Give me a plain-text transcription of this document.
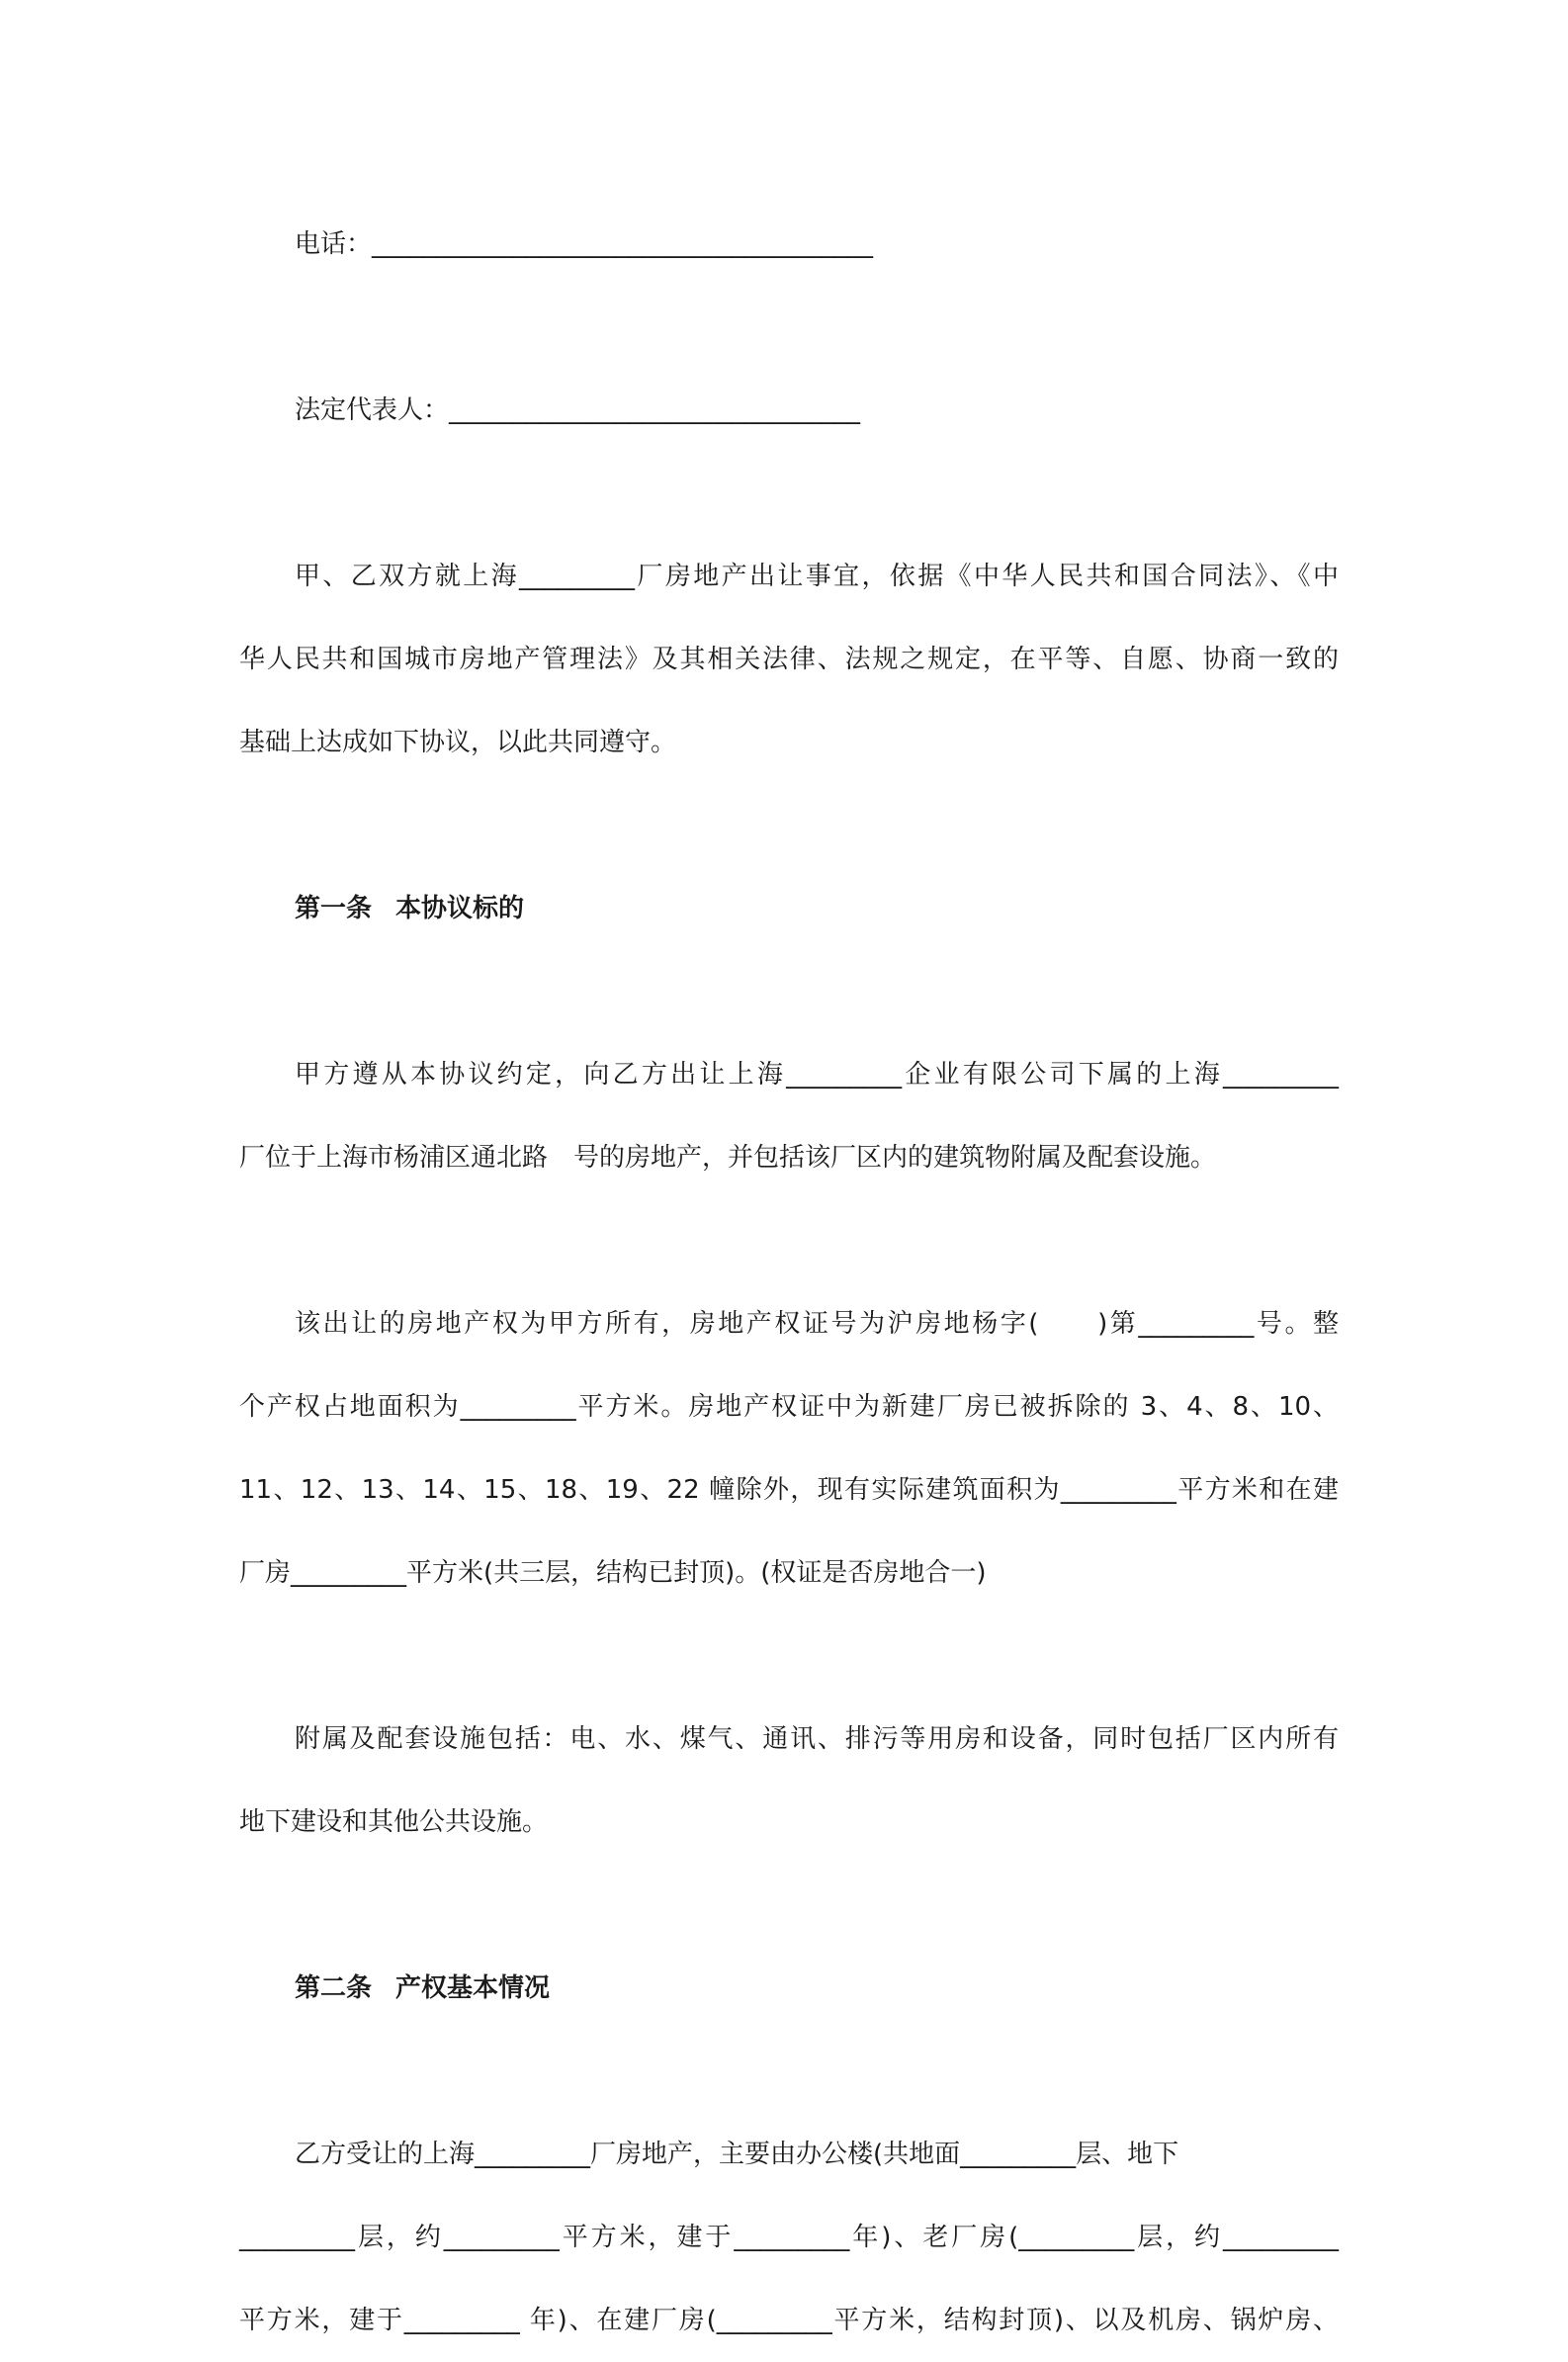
电话：_______________________________________
法定代表人：________________________________
甲、乙双方就上海_________厂房地产出让事宜，依据《中华人民共和国合同法》、《中
华人民共和国城市房地产管理法》及其相关法律、法规之规定，在平等、自愿、协商一致的
基础上达成如下协议，以此共同遵守。
第一条 本协议标的
甲方遵从本协议约定，向乙方出让上海_________企业有限公司下属的上海_________
厂位于上海市杨浦区通北路　号的房地产，并包括该厂区内的建筑物附属及配套设施。
该出让的房地产权为甲方所有，房地产权证号为沪房地杨字(　　)第_________号。整
个产权占地面积为_________平方米。房地产权证中为新建厂房已被拆除的 3、4、8、10、
11、12、13、14、15、18、19、22 幢除外，现有实际建筑面积为_________平方米和在建
厂房_________平方米(共三层，结构已封顶)。(权证是否房地合一)
附属及配套设施包括：电、水、煤气、通讯、排污等用房和设备，同时包括厂区内所有
地下建设和其他公共设施。
第二条 产权基本情况
乙方受让的上海_________厂房地产，主要由办公楼(共地面_________层、地下
_________层，约_________平方米，建于_________年)、老厂房(_________层，约_________
平方米，建于_________ 年)、在建厂房(_________平方米，结构封顶)、以及机房、锅炉房、
